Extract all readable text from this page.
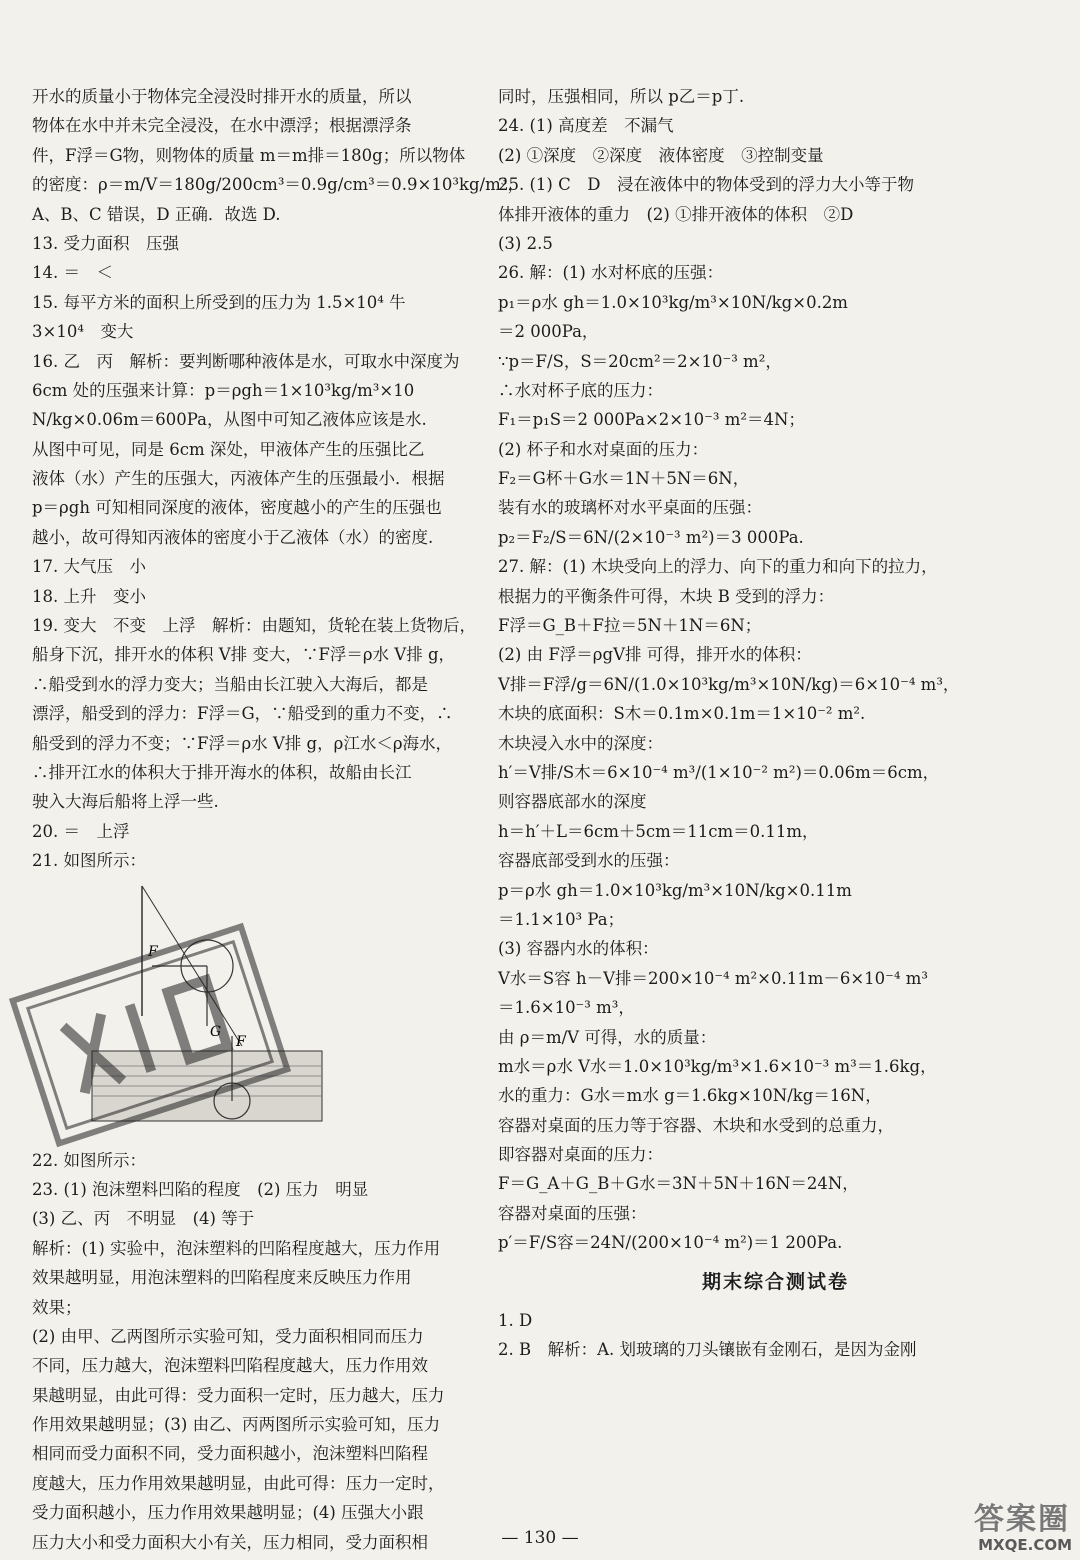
开水的质量小于物体完全浸没时排开水的质量，所以
物体在水中并未完全浸没，在水中漂浮；根据漂浮条
件，F浮＝G物，则物体的质量 m＝m排＝180g；所以物体
的密度：ρ＝m/V＝180g/200cm³＝0.9g/cm³＝0.9×10³kg/m³，
A、B、C 错误，D 正确．故选 D.
13. 受力面积　压强
14. ＝　＜
15. 每平方米的面积上所受到的压力为 1.5×10⁴ 牛
3×10⁴　变大
16. 乙　丙　解析：要判断哪种液体是水，可取水中深度为
6cm 处的压强来计算：p＝ρgh＝1×10³kg/m³×10
N/kg×0.06m＝600Pa，从图中可知乙液体应该是水.
从图中可见，同是 6cm 深处，甲液体产生的压强比乙
液体（水）产生的压强大，丙液体产生的压强最小．根据
p＝ρgh 可知相同深度的液体，密度越小的产生的压强也
越小，故可得知丙液体的密度小于乙液体（水）的密度.
17. 大气压　小
18. 上升　变小
19. 变大　不变　上浮　解析：由题知，货轮在装上货物后，
船身下沉，排开水的体积 V排 变大，∵F浮＝ρ水 V排 g，
∴船受到水的浮力变大；当船由长江驶入大海后，都是
漂浮，船受到的浮力：F浮＝G，∵船受到的重力不变，∴
船受到的浮力不变；∵F浮＝ρ水 V排 g，ρ江水＜ρ海水，
∴排开江水的体积大于排开海水的体积，故船由长江
驶入大海后船将上浮一些.
20. ＝　上浮
21. 如图所示：
F
G
F
22. 如图所示：
23. (1) 泡沫塑料凹陷的程度　(2) 压力　明显
(3) 乙、丙　不明显　(4) 等于
解析：(1) 实验中，泡沫塑料的凹陷程度越大，压力作用
效果越明显，用泡沫塑料的凹陷程度来反映压力作用
效果；
(2) 由甲、乙两图所示实验可知，受力面积相同而压力
不同，压力越大，泡沫塑料凹陷程度越大，压力作用效
果越明显，由此可得：受力面积一定时，压力越大，压力
作用效果越明显；(3) 由乙、丙两图所示实验可知，压力
相同而受力面积不同，受力面积越小，泡沫塑料凹陷程
度越大，压力作用效果越明显，由此可得：压力一定时，
受力面积越小，压力作用效果越明显；(4) 压强大小跟
压力大小和受力面积大小有关，压力相同，受力面积相
同时，压强相同，所以 p乙＝p丁.
24. (1) 高度差　不漏气
(2) ①深度　②深度　液体密度　③控制变量
25. (1) C　D　浸在液体中的物体受到的浮力大小等于物
体排开液体的重力　(2) ①排开液体的体积　②D
(3) 2.5
26. 解：(1) 水对杯底的压强：
p₁＝ρ水 gh＝1.0×10³kg/m³×10N/kg×0.2m
＝2 000Pa，
∵p＝F/S，S＝20cm²＝2×10⁻³ m²，
∴水对杯子底的压力：
F₁＝p₁S＝2 000Pa×2×10⁻³ m²＝4N；
(2) 杯子和水对桌面的压力：
F₂＝G杯＋G水＝1N＋5N＝6N，
装有水的玻璃杯对水平桌面的压强：
p₂＝F₂/S＝6N/(2×10⁻³ m²)＝3 000Pa.
27. 解：(1) 木块受向上的浮力、向下的重力和向下的拉力，
根据力的平衡条件可得，木块 B 受到的浮力：
F浮＝G_B＋F拉＝5N＋1N＝6N；
(2) 由 F浮＝ρgV排 可得，排开水的体积：
V排＝F浮/g＝6N/(1.0×10³kg/m³×10N/kg)＝6×10⁻⁴ m³，
木块的底面积：S木＝0.1m×0.1m＝1×10⁻² m².
木块浸入水中的深度：
h′＝V排/S木＝6×10⁻⁴ m³/(1×10⁻² m²)＝0.06m＝6cm，
则容器底部水的深度
h＝h′＋L＝6cm＋5cm＝11cm＝0.11m，
容器底部受到水的压强：
p＝ρ水 gh＝1.0×10³kg/m³×10N/kg×0.11m
＝1.1×10³ Pa；
(3) 容器内水的体积：
V水＝S容 h－V排＝200×10⁻⁴ m²×0.11m－6×10⁻⁴ m³
＝1.6×10⁻³ m³，
由 ρ＝m/V 可得，水的质量：
m水＝ρ水 V水＝1.0×10³kg/m³×1.6×10⁻³ m³＝1.6kg，
水的重力：G水＝m水 g＝1.6kg×10N/kg＝16N，
容器对桌面的压力等于容器、木块和水受到的总重力，
即容器对桌面的压力：
F＝G_A＋G_B＋G水＝3N＋5N＋16N＝24N，
容器对桌面的压强：
p′＝F/S容＝24N/(200×10⁻⁴ m²)＝1 200Pa.
期末综合测试卷
1. D
2. B　解析：A. 划玻璃的刀头镶嵌有金刚石，是因为金刚
— 130 —
答案圈
MXQE.COM
